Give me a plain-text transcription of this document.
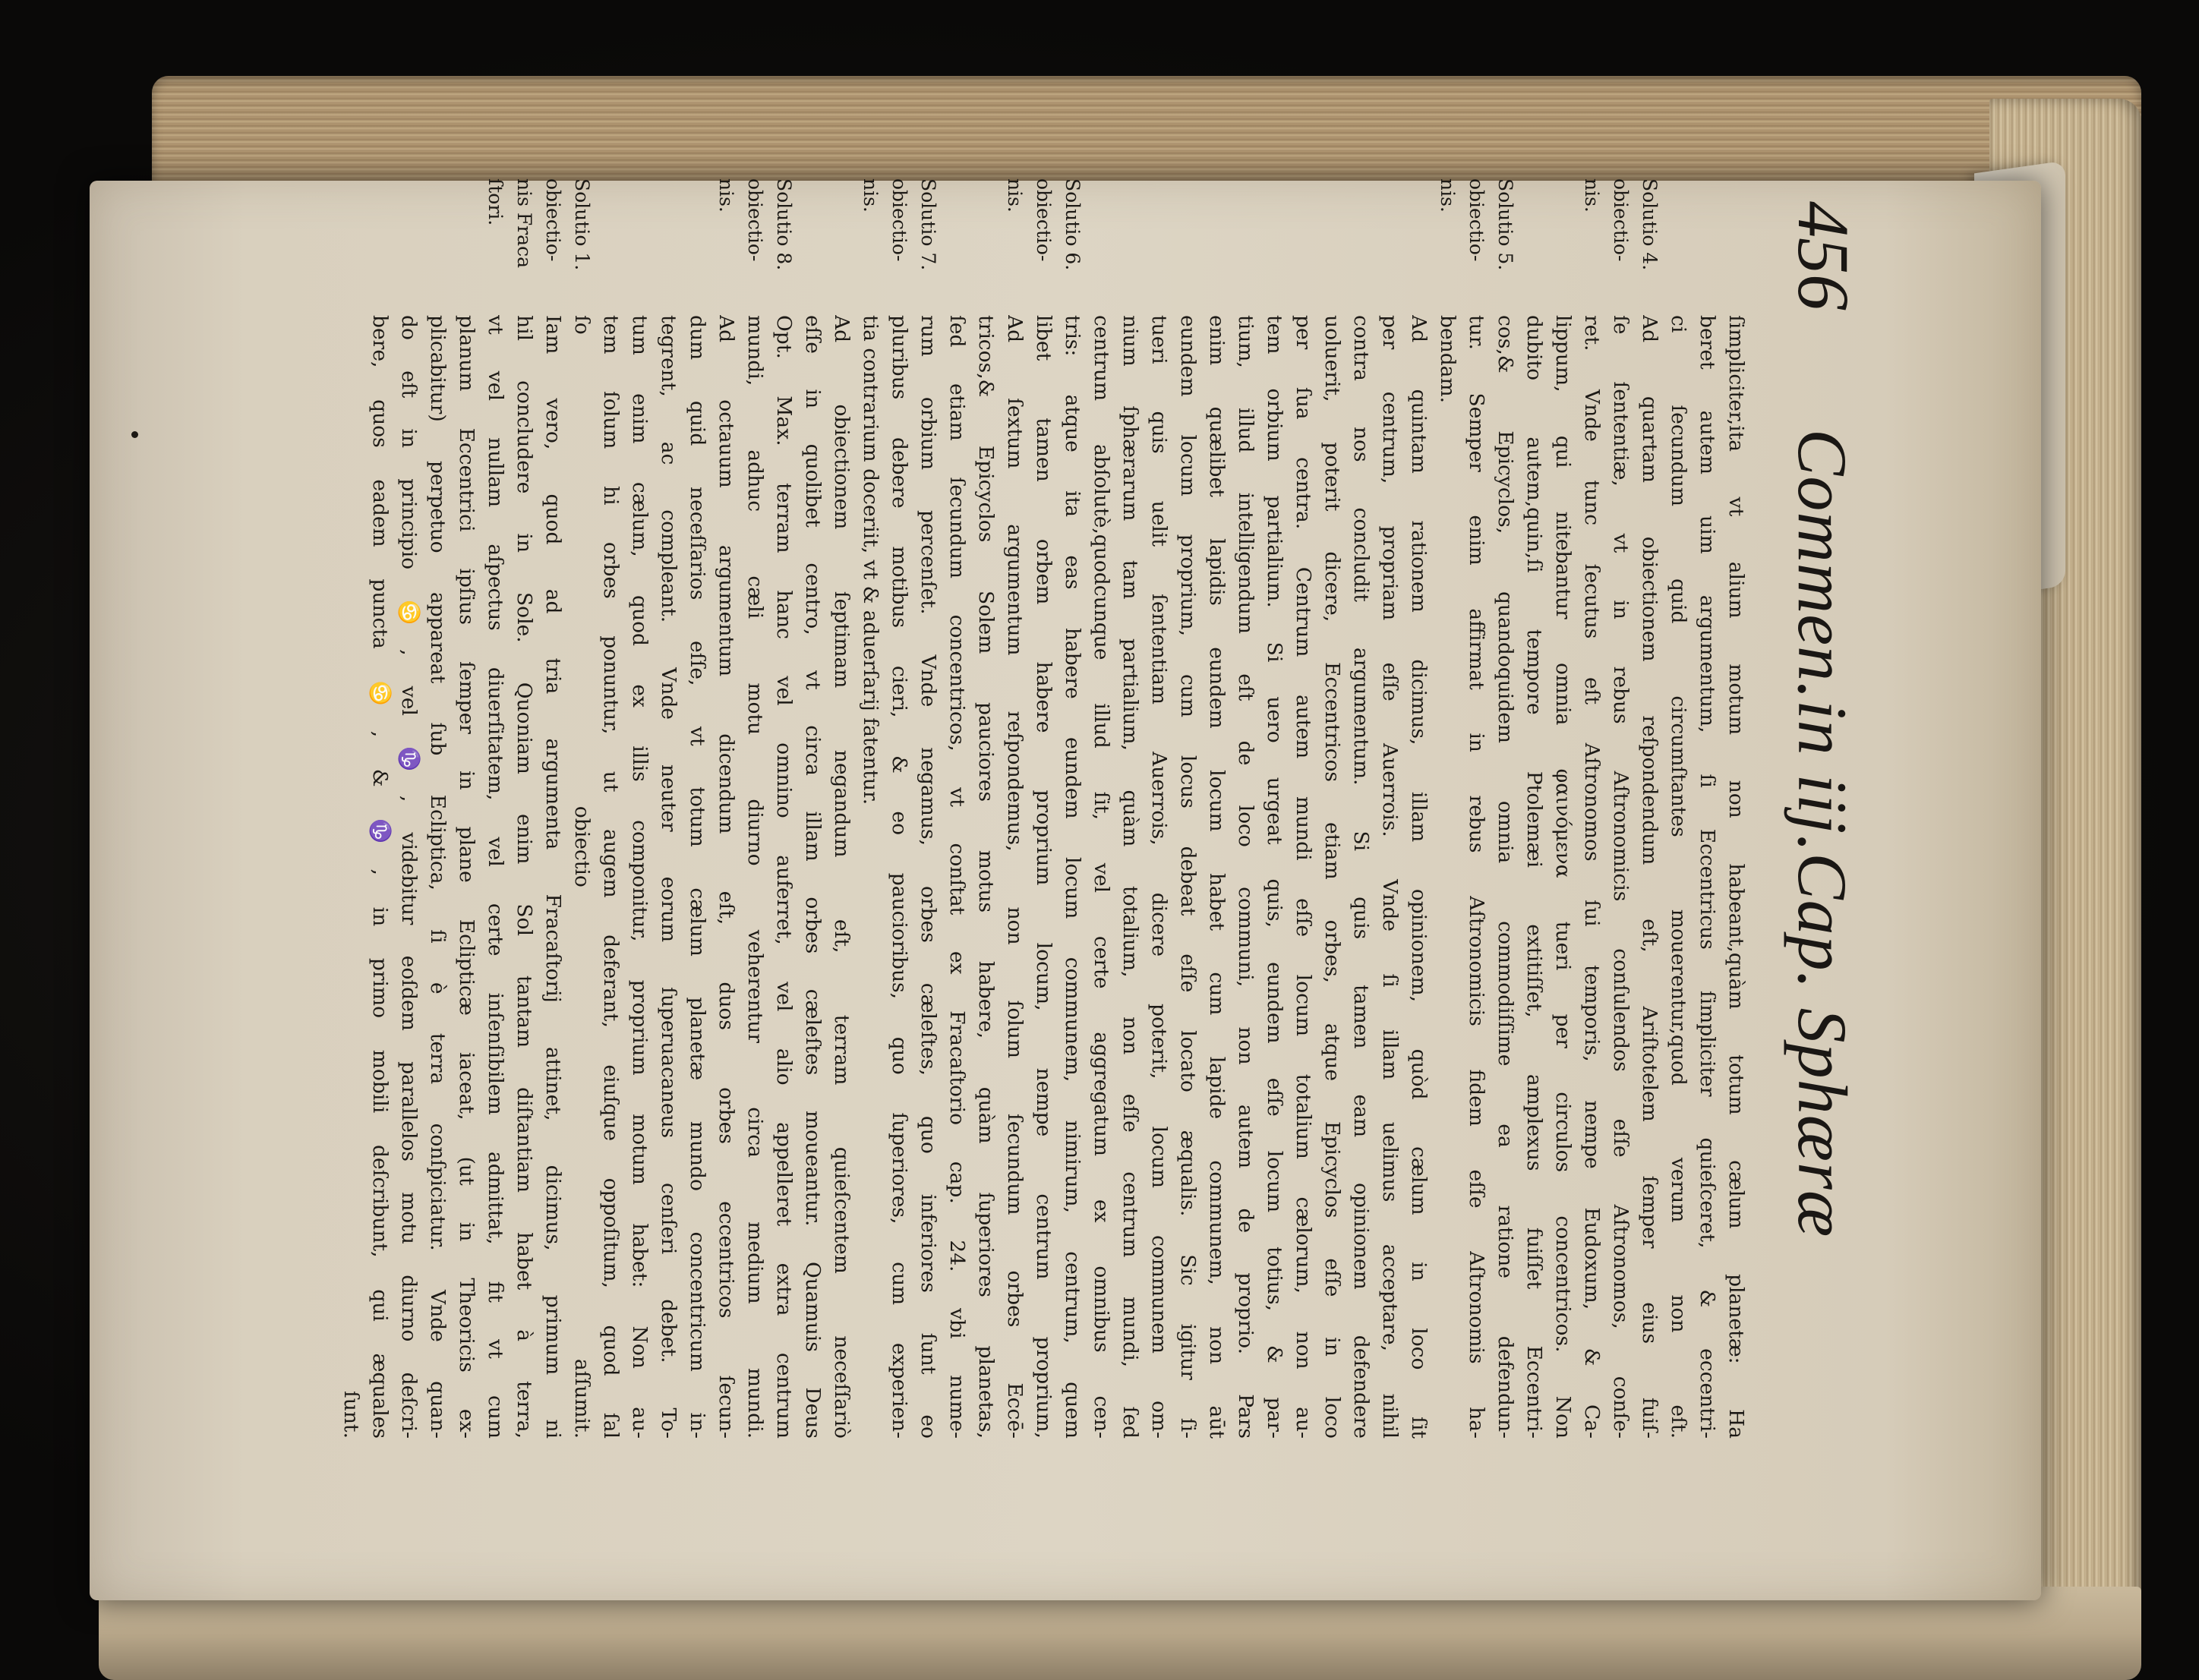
456
Commen.in iij.Cap. Sphæræ
ſimpliciter,ita vt alium motum non habeant,quàm totum cælum planetæ: Ha
beret autem uim argumentum, ſi Eccentricus ſimpliciter quieſceret, & eccentri-
ci ſecundum quid circumſtantes mouerentur,quod verum non eſt.
Solutio 4.
Ad quartam obiectionem reſpondendum eſt, Ariſtotelem ſemper eius fuiſ-
obiectio-
ſe ſententiæ, vt in rebus Aſtronomicis conſulendos eſſe Aſtronomos, conſe-
nis.
ret. Vnde tunc ſecutus eſt Aſtronomos ſui temporis, nempe Eudoxum, & Ca-
lippum, qui nitebantur omnia φαινόμενα tueri per circulos concentricos. Non
dubito autem,quin,ſi tempore Ptolemæi extitiſſet, amplexus fuiſſet Eccentri-
Solutio 5.
cos,& Epicyclos, quandoquidem omnia commodiſſime ea ratione defendun-
obiectio-
tur. Semper enim affirmat in rebus Aſtronomicis fidem eſſe Aſtronomis ha-
nis.
bendam.
Ad quintam rationem dicimus, illam opinionem, quòd cælum in loco ſit
per centrum, propriam eſſe Auerrois. Vnde ſi illam uelimus acceptare, nihil
contra nos concludit argumentum. Si quis tamen eam opinionem defendere
uoluerit, poterit dicere, Eccentricos etiam orbes, atque Epicyclos eſſe in loco
per ſua centra. Centrum autem mundi eſſe locum totalium cælorum, non au-
tem orbium partialium. Si uero urgeat quis, eundem eſſe locum totius, & par-
tium, illud intelligendum eſt de loco communi, non autem de proprio. Pars
enim quælibet lapidis eundem locum habet cum lapide communem, non aūt
eundem locum proprium, cum locus debeat eſſe locato æqualis. Sic igitur ſi-
tueri quis uelit ſententiam Auerrois, dicere poterit, locum communem om-
nium ſphærarum tam partialium, quàm totalium, non eſſe centrum mundi, ſed
centrum abſolutè,quodcunque illud ſit, vel certe aggregatum ex omnibus cen-
Solutio 6.
tris: atque ita eas habere eundem locum communem, nimirum, centrum, quem
obiectio-
libet tamen orbem habere proprium locum, nempe centrum proprium,
nis.
Ad ſextum argumentum reſpondemus, non ſolum ſecundum orbes Eccē-
tricos,& Epicyclos Solem pauciores motus habere, quàm ſuperiores planetas,
ſed etiam ſecundum concentricos, vt conſtat ex Fracaſtorio cap. 24. vbi nume-
Solutio 7.
rum orbium percenſet. Vnde negamus, orbes cæleſtes, quo inferiores ſunt eo
obiectio-
pluribus debere motibus cieri, & eo paucioribus, quo ſuperiores, cum experien-
nis.
tia contrarium doceriit, vt & aduerſarij fatentur.
Ad obiectionem ſeptimam negandum eſt, terram quieſcentem neceſſariò
eſſe in quolibet centro, vt circa illam orbes cæleſtes moueantur. Quamuis Deus
Solutio 8.
Opt. Max. terram hanc vel omnino auferret, vel alio appelleret extra centrum
obiectio-
mundi, adhuc cæli motu diurno veherentur circa medium mundi.
nis.
Ad octauum argumentum dicendum eſt, duos orbes eccentricos ſecun-
dum quid neceſſarios eſſe, vt totum cælum planetæ mundo concentricum in-
tegrent, ac compleant. Vnde neuter eorum ſuperuacaneus cenſeri debet. To-
tum enim cælum, quod ex illis componitur, proprium motum habet: Non au-
tem ſolum hi orbes ponuntur, ut augem deferant, eiuſque oppoſitum, quod ſal
Solutio 1.
ſo obiectio aſſumit.
obiectio-
Iam vero, quod ad tria argumenta Fracaſtorij attinet, dicimus, primum ni
nis Fraca
hil concludere in Sole. Quoniam enim Sol tantam diſtantiam habet à terra,
ſtori.
vt vel nullam aſpectus diuerſitatem, vel certe inſenſibilem admittat, fit vt cum
planum Eccentrici ipſius ſemper in plane Eclipticæ iaceat, (ut in Theoricis ex-
plicabitur) perpetuo appareat ſub Ecliptica, ſi è terra conſpiciatur. Vnde quan-
do eſt in principio ♋, vel ♑, videbitur eoſdem parallelos motu diurno deſcri-
bere, quos eadem puncta ♋, & ♑, in primo mobili deſcribunt, qui æquales
ſunt.
